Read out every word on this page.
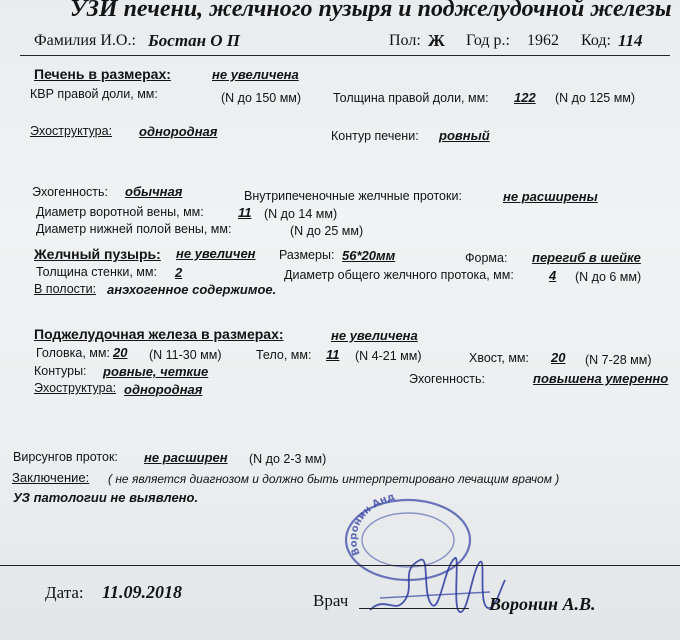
УЗИ печени, желчного пузыря и поджелудочной железы
Фамилия И.О.: Бостан О П	Пол: Ж Год р.: 1962 Код: 114
Печень в размерах:	не увеличена
КВР правой доли, мм:	(N до 150 мм)	Толщина правой доли, мм: 122 (N до 125 мм)
Эхоструктура: однородная	Контур печени: ровный
Эхогенность: обычная	Внутрипеченочные желчные протоки:	не расширены
Диаметр воротной вены, мм:	11 (N до 14 мм)
Диаметр нижней полой вены, мм:	(N до 25 мм)
Желчный пузырь: не увеличен Размеры: 56*20мм	Форма: перегиб в шейке
Толщина стенки, мм: 2	Диаметр общего желчного протока, мм:	4 (N до 6 мм)
В полости: анэхогенное содержимое.
Поджелудочная железа в размерах:	не увеличена
Головка, мм: 20 (N 11-30 мм)	Тело, мм: 11 (N 4-21 мм)	Хвост, мм: 20 (N 7-28 мм)
Контуры: ровные, четкие	Эхогенность:	повышена умеренно
Эхоструктура: однородная
Вирсунгов проток: не расширен (N до 2-3 мм)
Заключение: ( не является диагнозом и должно быть интерпретировано лечащим врачом )
УЗ патологии не выявлено.
Воронин Анд
Дата: 11.09.2018	Врач	Воронин А.В.
